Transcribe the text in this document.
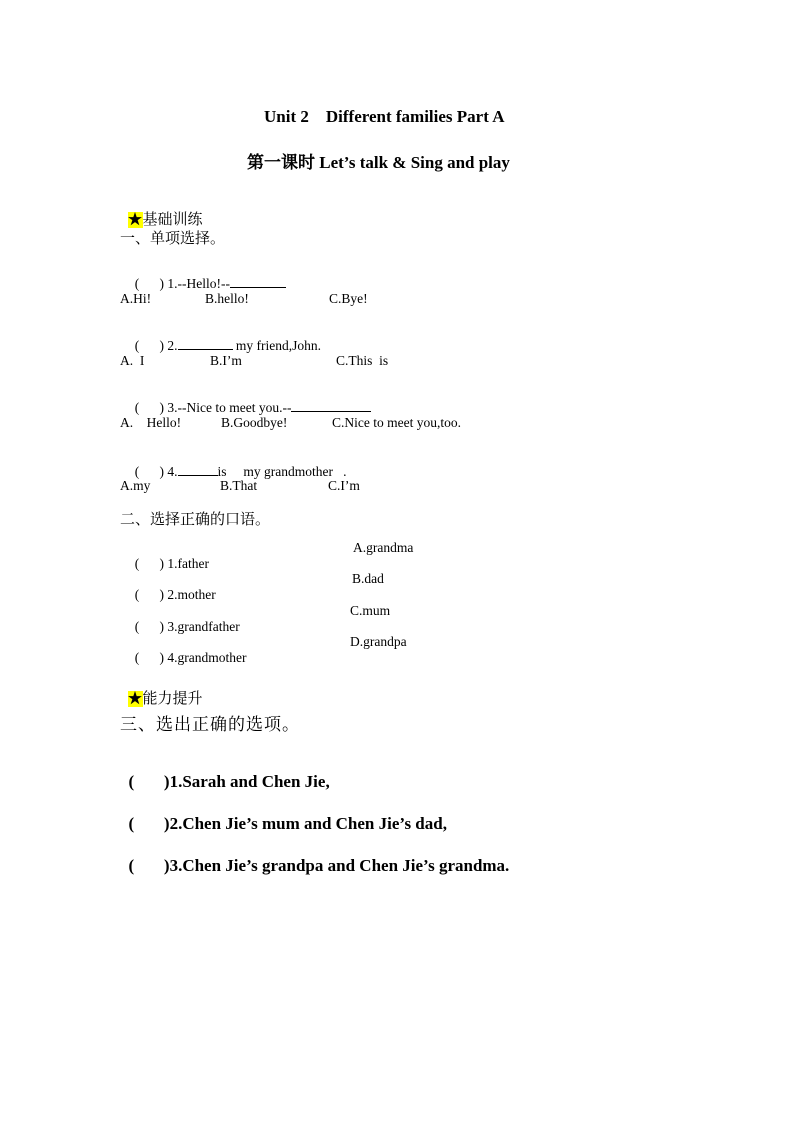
Unit 2    Different families Part A
第一课时 Let’s talk & Sing and play

★基础训练

一、单项选择。

(      ) 1.--Hello!--

A.Hi!	B.hello!	C.Bye!

(      ) 2.	my friend,John.

A.  I	B.I’m	C.This  is

(      ) 3.--Nice to meet you.--

A.    Hello!	B.Goodbye!	C.Nice to meet you,too.

(      ) 4.	is     my grandmother   .

A.my	B.That	C.I’m
二、选择正确的口语。

(      ) 1.father

A.grandma

(      ) 2.mother

B.dad

(      ) 3.grandfather

C.mum

(      ) 4.grandmother

D.grandpa

★能力提升

三、选出正确的选项。

(       )1.Sarah and Chen Jie,

(       )2.Chen Jie’s mum and Chen Jie’s dad,

(       )3.Chen Jie’s grandpa and Chen Jie’s grandma.
